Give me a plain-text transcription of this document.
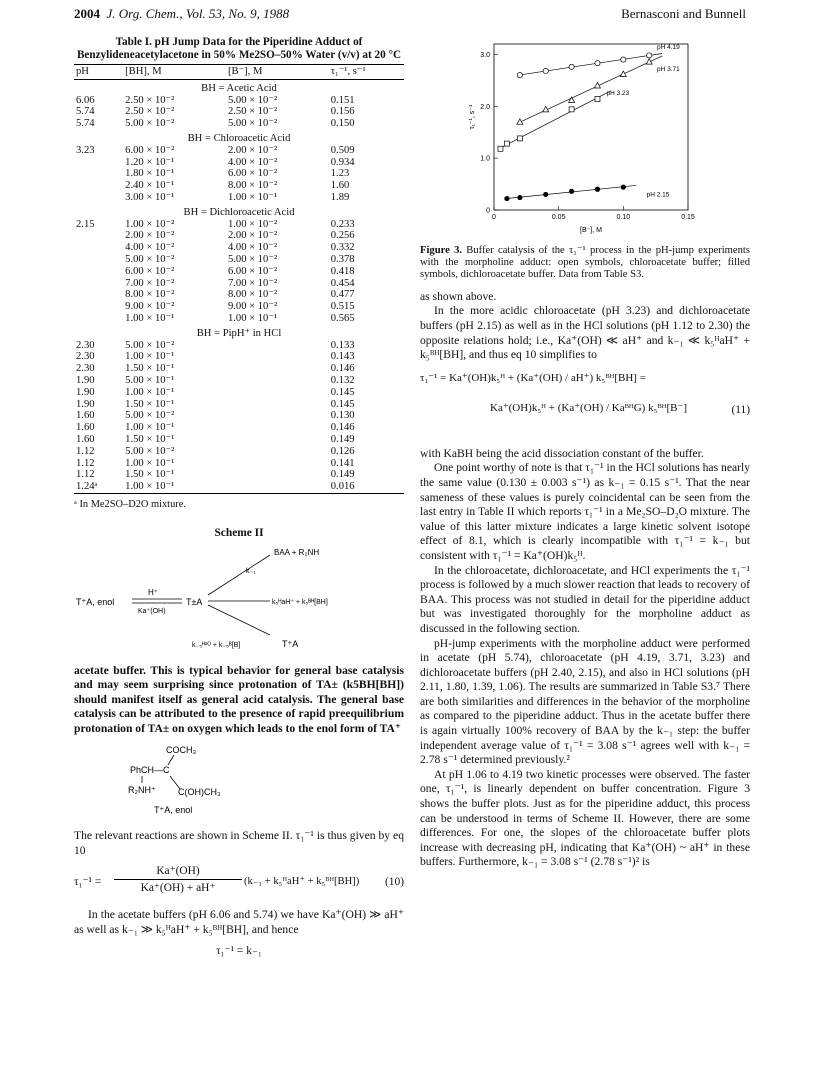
2004 J. Org. Chem., Vol. 53, No. 9, 1988	Bernasconi and Bunnell
Table I. pH Jump Data for the Piperidine Adduct of Benzylideneacetylacetone in 50% Me2SO–50% Water (v/v) at 20 °C
pH	[BH], M	[B⁻], M	τ₁⁻¹, s⁻¹
BH = Acetic Acid			
6.06	2.50 × 10⁻²	5.00 × 10⁻²	0.151
5.74	2.50 × 10⁻²	2.50 × 10⁻²	0.156
5.74	5.00 × 10⁻²	5.00 × 10⁻²	0.150
BH = Chloroacetic Acid			
3.23	6.00 × 10⁻²	2.00 × 10⁻²	0.509
	1.20 × 10⁻¹	4.00 × 10⁻²	0.934
	1.80 × 10⁻¹	6.00 × 10⁻²	1.23
	2.40 × 10⁻¹	8.00 × 10⁻²	1.60
	3.00 × 10⁻¹	1.00 × 10⁻¹	1.89
BH = Dichloroacetic Acid			
2.15	1.00 × 10⁻²	1.00 × 10⁻²	0.233
	2.00 × 10⁻²	2.00 × 10⁻²	0.256
	4.00 × 10⁻²	4.00 × 10⁻²	0.332
	5.00 × 10⁻²	5.00 × 10⁻²	0.378
	6.00 × 10⁻²	6.00 × 10⁻²	0.418
	7.00 × 10⁻²	7.00 × 10⁻²	0.454
	8.00 × 10⁻²	8.00 × 10⁻²	0.477
	9.00 × 10⁻²	9.00 × 10⁻²	0.515
	1.00 × 10⁻¹	1.00 × 10⁻¹	0.565
BH = PipH⁺ in HCl			
2.30	5.00 × 10⁻²		0.133
2.30	1.00 × 10⁻¹		0.143
2.30	1.50 × 10⁻¹		0.146
1.90	5.00 × 10⁻¹		0.132
1.90	1.00 × 10⁻¹		0.145
1.90	1.50 × 10⁻¹		0.145
1.60	5.00 × 10⁻²		0.130
1.60	1.00 × 10⁻¹		0.146
1.60	1.50 × 10⁻¹		0.149
1.12	5.00 × 10⁻²		0.126
1.12	1.00 × 10⁻¹		0.141
1.12	1.50 × 10⁻¹		0.149
1.24ᵃ	1.00 × 10⁻¹		0.016
ᵃ In Me2SO–D2O mixture.
Scheme II
T⁺A, enol
H⁺
Ka⁺(OH)
T±A
k₋₁
BAA + R₂NH
k₅ᴴaH⁺ + k₅ᴮᴴ[BH]
k₋₅ᴴ²ᴼ + k₋₅ᴮ[B]	T⁺A

acetate buffer. This is typical behavior for general base catalysis and may seem surprising since protonation of TA± (k5BH[BH]) should manifest itself as general acid catalysis. The general base catalysis can be attributed to the presence of rapid preequilibrium protonation of TA± on oxygen which leads to the enol form of TA⁺

COCH₃
PhCH—C
R₂NH⁺ C(OH)CH₃
T⁺A, enol

The relevant reactions are shown in Scheme II. τ₁⁻¹ is thus given by eq 10

τ₁⁻¹ =
Ka⁺(OH)
Ka⁺(OH) + aH⁺
(k₋₁ + k₅ᴴaH⁺ + k₅ᴮᴴ[BH]) (10)

In the acetate buffers (pH 6.06 and 5.74) we have Ka⁺(OH) ≫ aH⁺ as well as k₋₁ ≫ k₅ᴴaH⁺ + k₅ᴮᴴ[BH], and hence

τ₁⁻¹ = k₋₁
0	0.05	0.10	0.15
0
1.0
2.0
3.0
[B⁻], M
τ₁⁻¹, s⁻¹
pH 4.19
pH 3.71
pH 3.23
pH 2.15
Figure 3. Buffer catalysis of the τ₁⁻¹ process in the pH-jump experiments with the morpholine adduct: open symbols, chloroacetate buffer; filled symbols, dichloroacetate buffer. Data from Table S3.

as shown above.

In the more acidic chloroacetate (pH 3.23) and dichloroacetate buffers (pH 2.15) as well as in the HCl solutions (pH 1.12 to 2.30) the opposite relations hold; i.e., Ka⁺(OH) ≪ aH⁺ and k₋₁ ≪ k₅ᴴaH⁺ + k₅ᴮᴴ[BH], and thus eq 10 simplifies to

τ₁⁻¹ = Ka⁺(OH)k₅ᴴ + (Ka⁺(OH) / aH⁺) k₅ᴮᴴ[BH] =
Ka⁺(OH)k₅ᴴ + (Ka⁺(OH) / KaᴮᴴG) k₅ᴮᴴ[B⁻]	(11)

with KaBH being the acid dissociation constant of the buffer.

One point worthy of note is that τ₁⁻¹ in the HCl solutions has nearly the same value (0.130 ± 0.003 s⁻¹) as k₋₁ = 0.15 s⁻¹. That the near sameness of these values is purely coincidental can be seen from the last entry in Table II which reports τ₁⁻¹ in a Me₂SO–D₂O mixture. The value of this latter mixture indicates a large kinetic solvent isotope effect of 8.1, which is clearly incompatible with τ₁⁻¹ = k₋₁ but consistent with τ₁⁻¹ = Ka⁺(OH)k₅ᴴ.

In the chloroacetate, dichloroacetate, and HCl experiments the τ₁⁻¹ process is followed by a much slower reaction that leads to recovery of BAA. This process was not studied in detail for the piperidine adduct but was investigated thoroughly for the morpholine adduct as discussed in the following section.

pH-jump experiments with the morpholine adduct were performed in acetate (pH 5.74), chloroacetate (pH 4.19, 3.71, 3.23) and dichloroacetate buffers (pH 2.40, 2.15), and also in HCl solutions (pH 2.11, 1.80, 1.39, 1.06). The results are summarized in Table S3.⁷ There are both similarities and differences in the behavior of the morpholine as compared to the piperidine adduct. Thus in the acetate buffer there is again virtually 100% recovery of BAA by the k₋₁ step: the buffer independent average value of τ₁⁻¹ = 3.08 s⁻¹ agrees well with k₋₁ = 2.78 s⁻¹ determined previously.²

At pH 1.06 to 4.19 two kinetic processes were observed. The faster one, τ₁⁻¹, is linearly dependent on buffer concentration. Figure 3 shows the buffer plots. Just as for the piperidine adduct, this process can be understood in terms of Scheme II. However, there are some differences. For one, the slopes of the chloroacetate buffer plots increase with decreasing pH, indicating that Ka⁺(OH) ~ aH⁺ in these buffers. Furthermore, k₋₁ = 3.08 s⁻¹ (2.78 s⁻¹)² is
